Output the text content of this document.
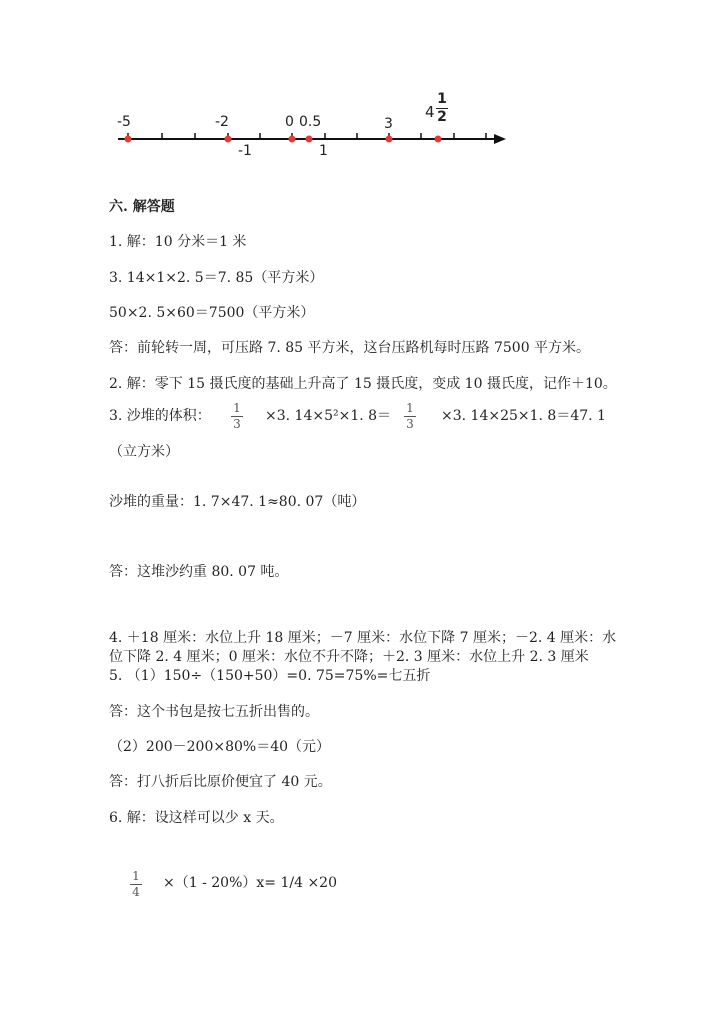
-5	-2	0 0.5	3
-1	1
4
1
2
六. 解答题
1. 解：10 分米＝1 米
3. 14×1×2. 5＝7. 85（平方米）
50×2. 5×60＝7500（平方米）
答：前轮转一周，可压路 7. 85 平方米，这台压路机每时压路 7500 平方米。
2. 解：零下 15 摄氏度的基础上升高了 15 摄氏度，变成 10 摄氏度，记作＋10。
3. 沙堆的体积： 1
3 ×3. 14×5²×1. 8＝ 1
3 ×3. 14×25×1. 8＝47. 1
（立方米）
沙堆的重量：1. 7×47. 1≈80. 07（吨）
答：这堆沙约重 80. 07 吨。
4. ＋18 厘米：水位上升 18 厘米；－7 厘米：水位下降 7 厘米；－2. 4 厘米：水
位下降 2. 4 厘米；0 厘米：水位不升不降；＋2. 3 厘米：水位上升 2. 3 厘米
5. （1）150÷（150+50）=0. 75=75%=七五折
答：这个书包是按七五折出售的。
（2）200－200×80%＝40（元）
答：打八折后比原价便宜了 40 元。
6. 解：设这样可以少 x 天。
1
4
×（1 - 20%）x= 1/4 ×20
